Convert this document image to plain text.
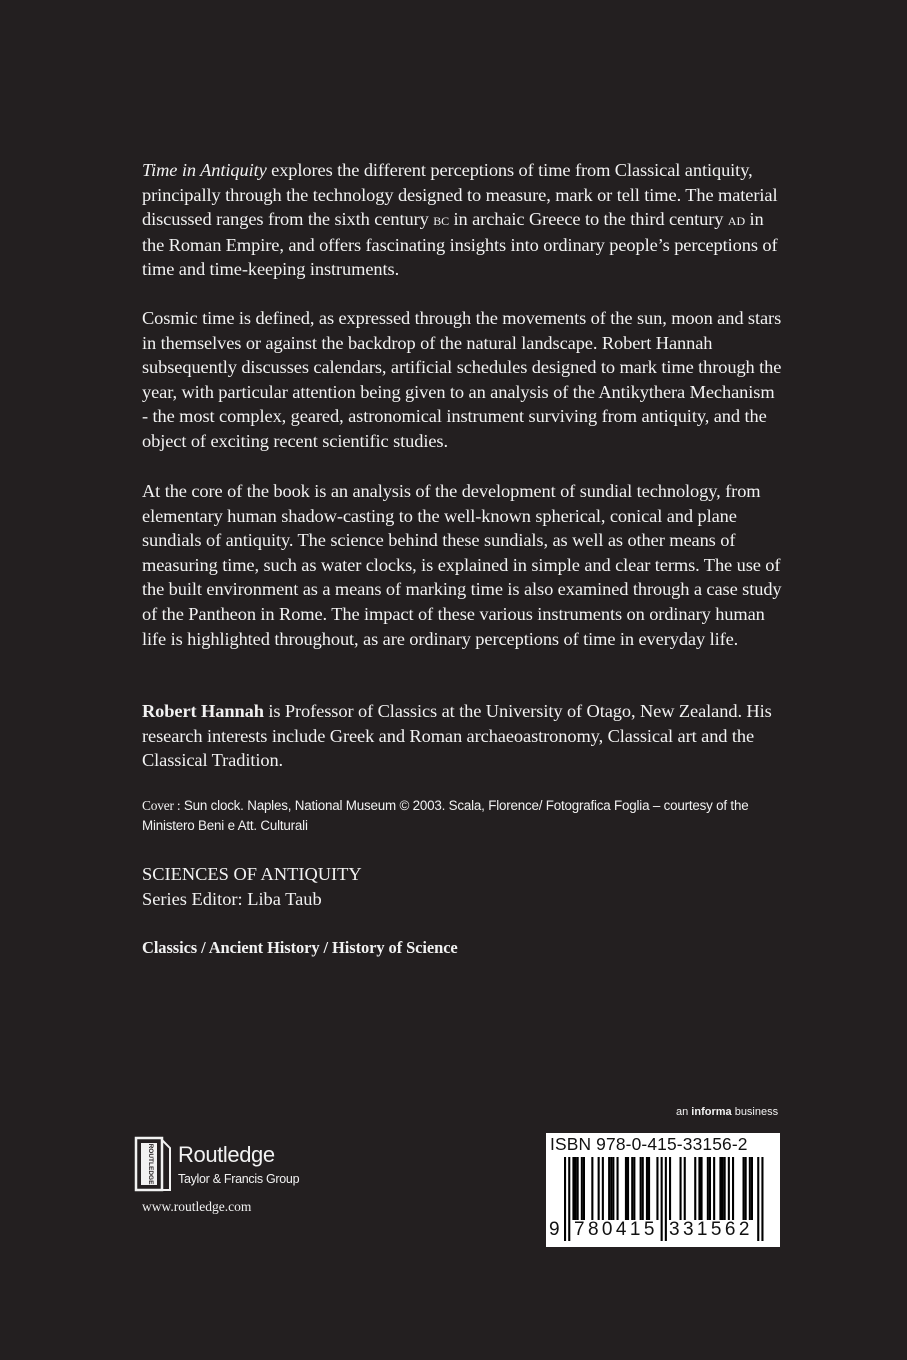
Time in Antiquity explores the different perceptions of time from Classical antiquity, principally through the technology designed to measure, mark or tell time. The material discussed ranges from the sixth century bc in archaic Greece to the third century ad in the Roman Empire, and offers fascinating insights into ordinary people’s perceptions of time and time-keeping instruments.

Cosmic time is defined, as expressed through the movements of the sun, moon and stars in themselves or against the backdrop of the natural landscape. Robert Hannah subsequently discusses calendars, artificial schedules designed to mark time through the year, with particular attention being given to an analysis of the Antikythera Mechanism - the most complex, geared, astronomical instrument surviving from antiquity, and the object of exciting recent scientific studies.

At the core of the book is an analysis of the development of sundial technology, from elementary human shadow-casting to the well-known spherical, conical and plane sundials of antiquity. The science behind these sundials, as well as other means of measuring time, such as water clocks, is explained in simple and clear terms. The use of the built environment as a means of marking time is also examined through a case study of the Pantheon in Rome. The impact of these various instruments on ordinary human life is highlighted throughout, as are ordinary perceptions of time in everyday life.

Robert Hannah is Professor of Classics at the University of Otago, New Zealand. His research interests include Greek and Roman archaeoastronomy, Classical art and the Classical Tradition.

Cover : Sun clock. Naples, National Museum © 2003. Scala, Florence/ Fotografica Foglia – courtesy of the Ministero Beni e Att. Culturali
SCIENCES OF ANTIQUITY
Series Editor: Liba Taub
Classics / Ancient History / History of Science
ROUTLEDGE Routledge
Taylor & Francis Group
www.routledge.com
an informa business
ISBN 978-0-415-33156-2
9 780415 331562
